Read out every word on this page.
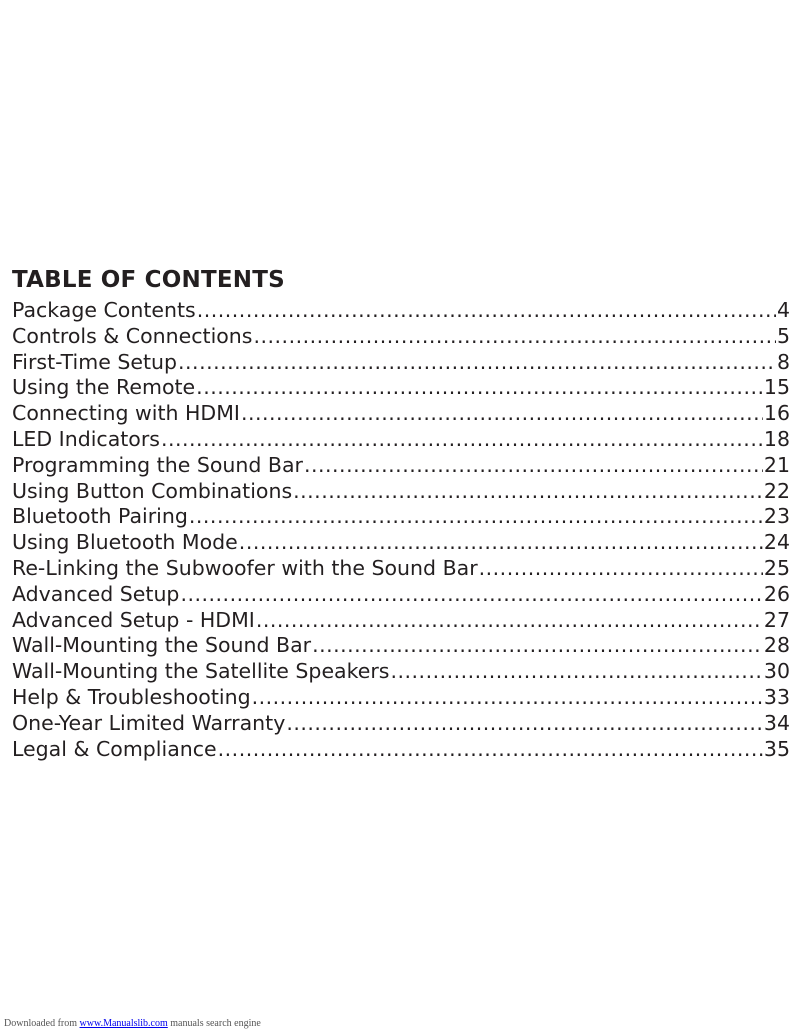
TABLE OF CONTENTS
Package Contents .....	4
Controls & Connections .....	5
First-Time Setup .....	8
Using the Remote .....	15
Connecting with HDMI .....	16
LED Indicators .....	18
Programming the Sound Bar .....	21
Using Button Combinations .....	22
Bluetooth Pairing .....	23
Using Bluetooth Mode .....	24
Re-Linking the Subwoofer with the Sound Bar .....	25
Advanced Setup .....	26
Advanced Setup - HDMI .....	27
Wall-Mounting the Sound Bar .....	28
Wall-Mounting the Satellite Speakers .....	30
Help & Troubleshooting .....	33
One-Year Limited Warranty .....	34
Legal & Compliance .....	35
Downloaded from www.Manualslib.com manuals search engine
